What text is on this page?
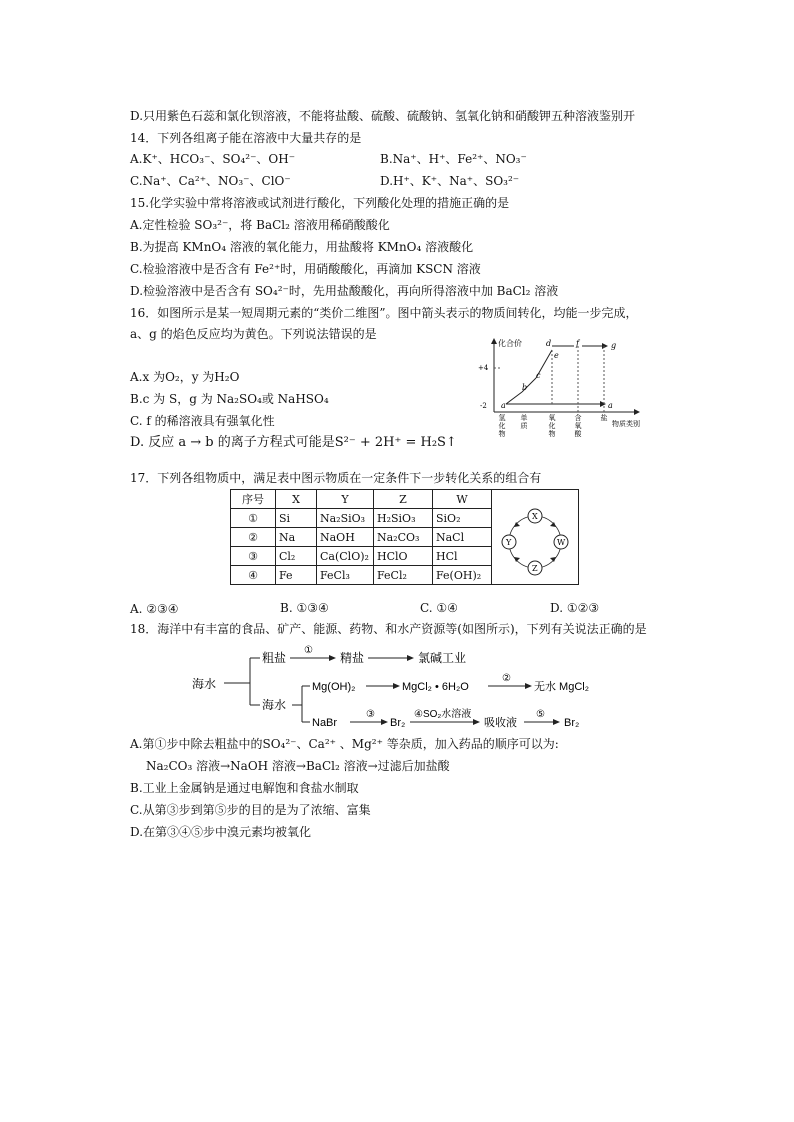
D.只用紫色石蕊和氯化钡溶液，不能将盐酸、硫酸、硫酸钠、氢氧化钠和硝酸钾五种溶液鉴别开
14．下列各组离子能在溶液中大量共存的是
A.K⁺、HCO₃⁻、SO₄²⁻、OH⁻	B.Na⁺、H⁺、Fe²⁺、NO₃⁻
C.Na⁺、Ca²⁺、NO₃⁻、ClO⁻	D.H⁺、K⁺、Na⁺、SO₃²⁻
15.化学实验中常将溶液或试剂进行酸化，下列酸化处理的措施正确的是
A.定性检验 SO₃²⁻，将 BaCl₂ 溶液用稀硝酸酸化
B.为提高 KMnO₄ 溶液的氧化能力，用盐酸将 KMnO₄ 溶液酸化
C.检验溶液中是否含有 Fe²⁺时，用硝酸酸化，再滴加 KSCN 溶液
D.检验溶液中是否含有 SO₄²⁻时，先用盐酸酸化，再向所得溶液中加 BaCl₂ 溶液
16．如图所示是某一短周期元素的“类价二维图”。图中箭头表示的物质间转化，均能一步完成，
a、g 的焰色反应均为黄色。下列说法错误的是
A.x 为O₂，y 为H₂O
B.c 为 S，g 为 Na₂SO₄或 NaHSO₄
C. f 的稀溶液具有强氧化性
D. 反应 a → b 的离子方程式可能是S²⁻ + 2H⁺ = H₂S↑
化合价
物质类别
+4
-2
氢化物
单质
氧化物
含氧酸
盐
a	a
b
c
d
e
f	g
17．下列各组物质中，满足表中图示物质在一定条件下一步转化关系的组合有
序号	X	Y	Z	W	X
W
Z
Y

①	Si	Na₂SiO₃	H₂SiO₃	SiO₂	
②	Na	NaOH	Na₂CO₃	NaCl	
③	Cl₂	Ca(ClO)₂	HClO	HCl	
④	Fe	FeCl₃	FeCl₂	Fe(OH)₂	
A. ②③④	B. ①③④	C. ①④	D. ①②③
18．海洋中有丰富的食品、矿产、能源、药物、和水产资源等(如图所示)，下列有关说法正确的是
海水
粗盐
①
精盐	氯碱工业
海水
Mg(OH)₂	MgCl₂ • 6H₂O
②
无水 MgCl₂
NaBr
③
Br₂
④SO₂水溶液
吸收液
⑤
Br₂
A.第①步中除去粗盐中的SO₄²⁻、Ca²⁺ 、Mg²⁺ 等杂质，加入药品的顺序可以为:
Na₂CO₃ 溶液→NaOH 溶液→BaCl₂ 溶液→过滤后加盐酸
B.工业上金属钠是通过电解饱和食盐水制取
C.从第③步到第⑤步的目的是为了浓缩、富集
D.在第③④⑤步中溴元素均被氧化
